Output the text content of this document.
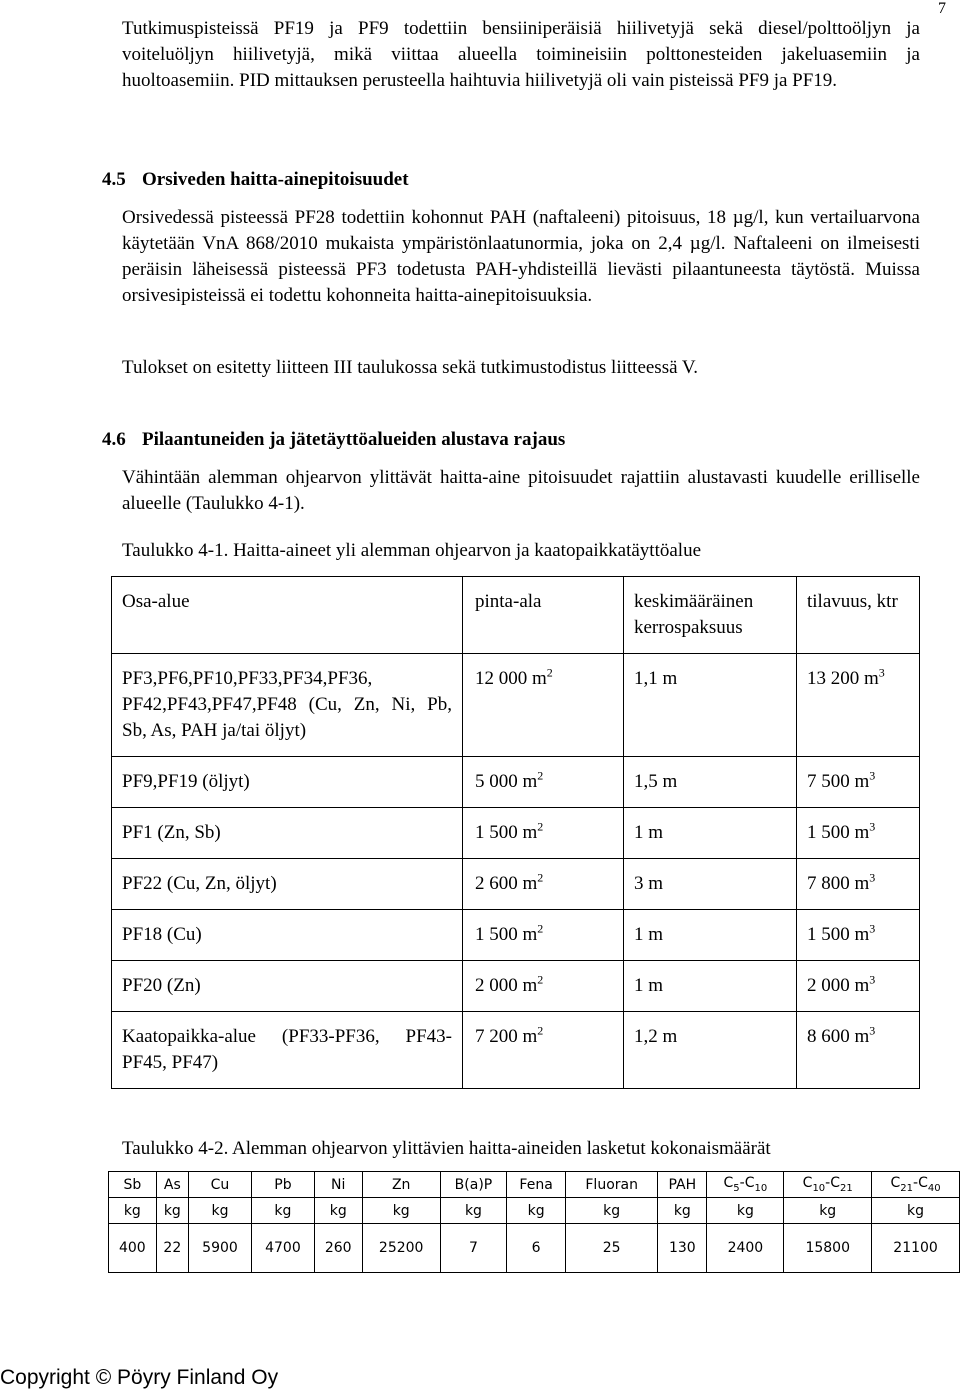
7

Tutkimuspisteissä PF19 ja PF9 todettiin bensiiniperäisiä hiilivetyjä sekä diesel/polttoöljyn ja voiteluöljyn hiilivetyjä, mikä viittaa alueella toimineisiin polttonesteiden jakeluasemiin ja huoltoasemiin. PID mittauksen perusteella haihtuvia hiilivetyjä oli vain pisteissä PF9 ja PF19.

4.5 Orsiveden haitta-ainepitoisuudet

Orsivedessä pisteessä PF28 todettiin kohonnut PAH (naftaleeni) pitoisuus, 18 µg/l, kun vertailuarvona käytetään VnA 868/2010 mukaista ympäristönlaatunormia, joka on 2,4 µg/l. Naftaleeni on ilmeisesti peräisin läheisessä pisteessä PF3 todetusta PAH-yhdisteillä lievästi pilaantuneesta täytöstä. Muissa orsivesipisteissä ei todettu kohonneita haitta-ainepitoisuuksia.

Tulokset on esitetty liitteen III taulukossa sekä tutkimustodistus liitteessä V.

4.6 Pilaantuneiden ja jätetäyttöalueiden alustava rajaus

Vähintään alemman ohjearvon ylittävät haitta-aine pitoisuudet rajattiin alustavasti kuudelle erilliselle alueelle (Taulukko 4-1).

Taulukko 4-1. Haitta-aineet yli alemman ohjearvon ja kaatopaikkatäyttöalue

Osa-alue	pinta-ala	keskimääräinen kerrospaksuus	tilavuus, ktr

PF3,PF6,PF10,PF33,PF34,PF36, PF42,PF43,PF47,PF48 (Cu, Zn, Ni, Pb, Sb, As, PAH ja/tai öljyt)	12 000 $m^2$	1,1 m	13 200 $m^3$

PF9,PF19 (öljyt)	5 000 $m^2$	1,5 m	7 500 $m^3$

PF1 (Zn, Sb)	1 500 $m^2$	1 m	1 500 $m^3$

PF22 (Cu, Zn, öljyt)	2 600 $m^2$	3 m	7 800 $m^3$

PF18 (Cu)	1 500 $m^2$	1 m	1 500 $m^3$

PF20 (Zn)	2 000 $m^2$	1 m	2 000 $m^3$

Kaatopaikka-alue (PF33-PF36, PF43-PF45, PF47)	7 200 $m^2$	1,2 m	8 600 $m^3$

Taulukko 4-2. Alemman ohjearvon ylittävien haitta-aineiden lasketut kokonaismäärät

Sb	As	Cu	Pb	Ni	Zn	B(a)P	Fena	Fluoran	PAH	$C_5-C_{10}$	$C_{10}-C_{21}$	$C_{21}-C_{40}$
kg	kg	kg	kg	kg	kg	kg	kg	kg	kg	kg	kg	kg
400	22	5900	4700	260	25200	7	6	25	130	2400	15800	21100
Copyright © Pöyry Finland Oy
